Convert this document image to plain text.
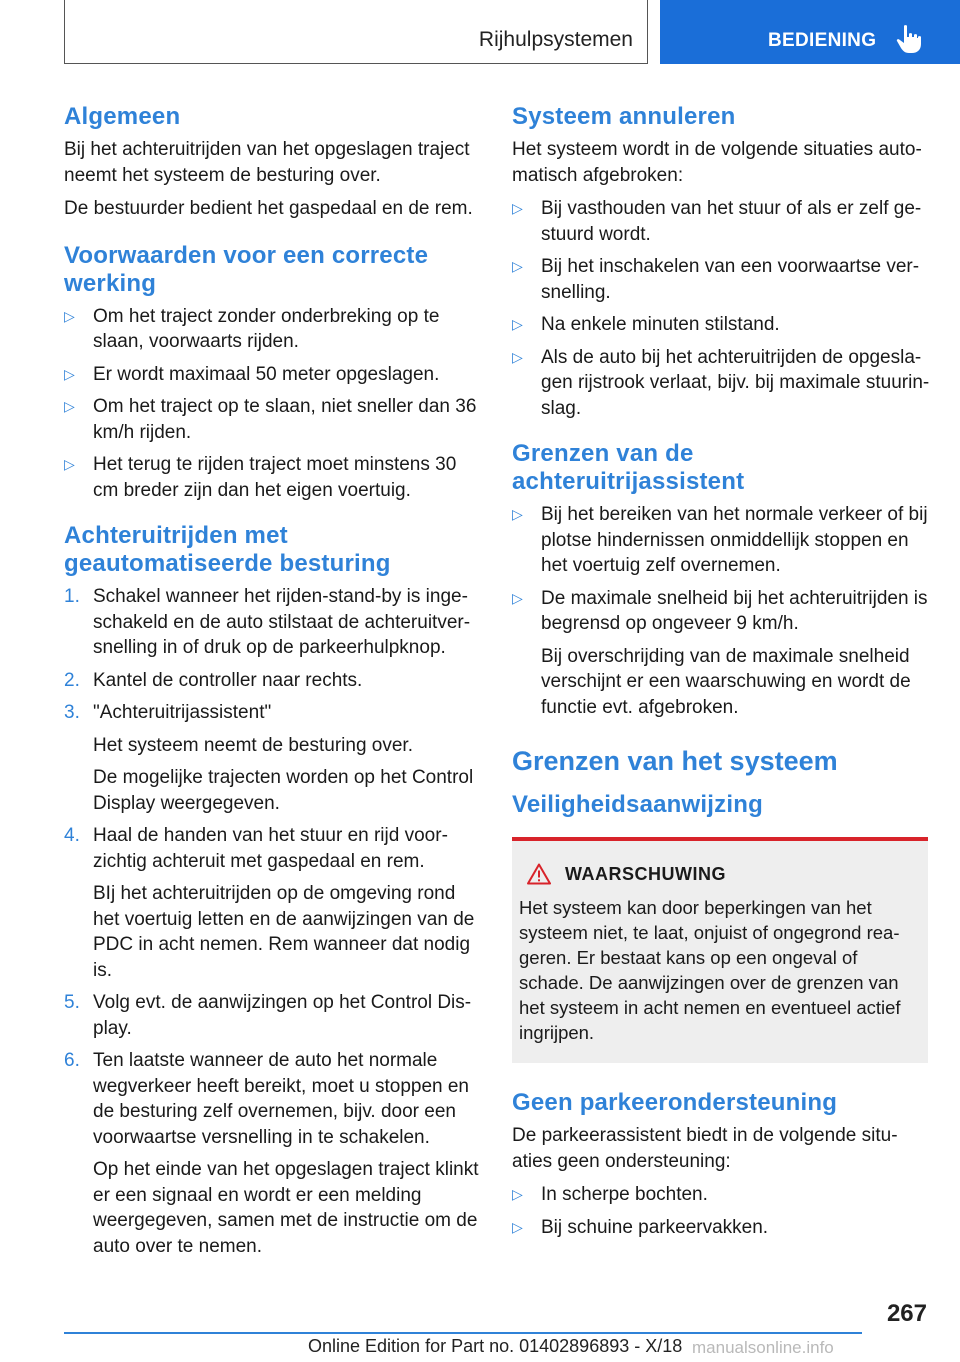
Rijhulpsystemen	BEDIENING
Algemeen

Bij het achteruitrijden van het opgeslagen traject neemt het systeem de besturing over.

De bestuurder bedient het gaspedaal en de rem.

Voorwaarden voor een correcte
werking
▷ Om het traject zonder onderbreking op te slaan, voorwaarts rijden.
▷ Er wordt maximaal 50 meter opgeslagen.
▷ Om het traject op te slaan, niet sneller dan 36 km/h rijden.
▷ Het terug te rijden traject moet minstens 30 cm breder zijn dan het eigen voertuig.
Achteruitrijden met
geautomatiseerde besturing
1. Schakel wanneer het rijden-stand-by is ingeschakeld en de auto stilstaat de achteruitversnelling in of druk op de parkeerhulpknop.
2. Kantel de controller naar rechts.
3. "Achteruitrijassistent"
Het systeem neemt de besturing over.
De mogelijke trajecten worden op het Control Display weergegeven.
4. Haal de handen van het stuur en rijd voorzichtig achteruit met gaspedaal en rem.
BIj het achteruitrijden op de omgeving rond het voertuig letten en de aanwijzingen van de PDC in acht nemen. Rem wanneer dat nodig is.
5. Volg evt. de aanwijzingen op het Control Display.
6. Ten laatste wanneer de auto het normale wegverkeer heeft bereikt, moet u stoppen en de besturing zelf overnemen, bijv. door een voorwaartse versnelling in te schakelen.
Op het einde van het opgeslagen traject klinkt er een signaal en wordt er een melding weergegeven, samen met de instructie om de auto over te nemen.
Systeem annuleren

Het systeem wordt in de volgende situaties automatisch afgebroken:

▷ Bij vasthouden van het stuur of als er zelf gestuurd wordt.
▷ Bij het inschakelen van een voorwaartse versnelling.
▷ Na enkele minuten stilstand.
▷ Als de auto bij het achteruitrijden de opgeslagen rijstrook verlaat, bijv. bij maximale stuurinslag.
Grenzen van de achteruitrijassistent
▷ Bij het bereiken van het normale verkeer of bij plotse hindernissen onmiddellijk stoppen en het voertuig zelf overnemen.
▷ De maximale snelheid bij het achteruitrijden is begrensd op ongeveer 9 km/h.
Bij overschrijding van de maximale snelheid verschijnt er een waarschuwing en wordt de functie evt. afgebroken.
Grenzen van het systeem
Veiligheidsaanwijzing
WAARSCHUWING

Het systeem kan door beperkingen van het systeem niet, te laat, onjuist of ongegrond reageren. Er bestaat kans op een ongeval of schade. De aanwijzingen over de grenzen van het systeem in acht nemen en eventueel actief ingrijpen.

Geen parkeerondersteuning

De parkeerassistent biedt in de volgende situaties geen ondersteuning:

▷ In scherpe bochten.
▷ Bij schuine parkeervakken.
267
Online Edition for Part no. 01402896893 - X/18 manualsonline.info
